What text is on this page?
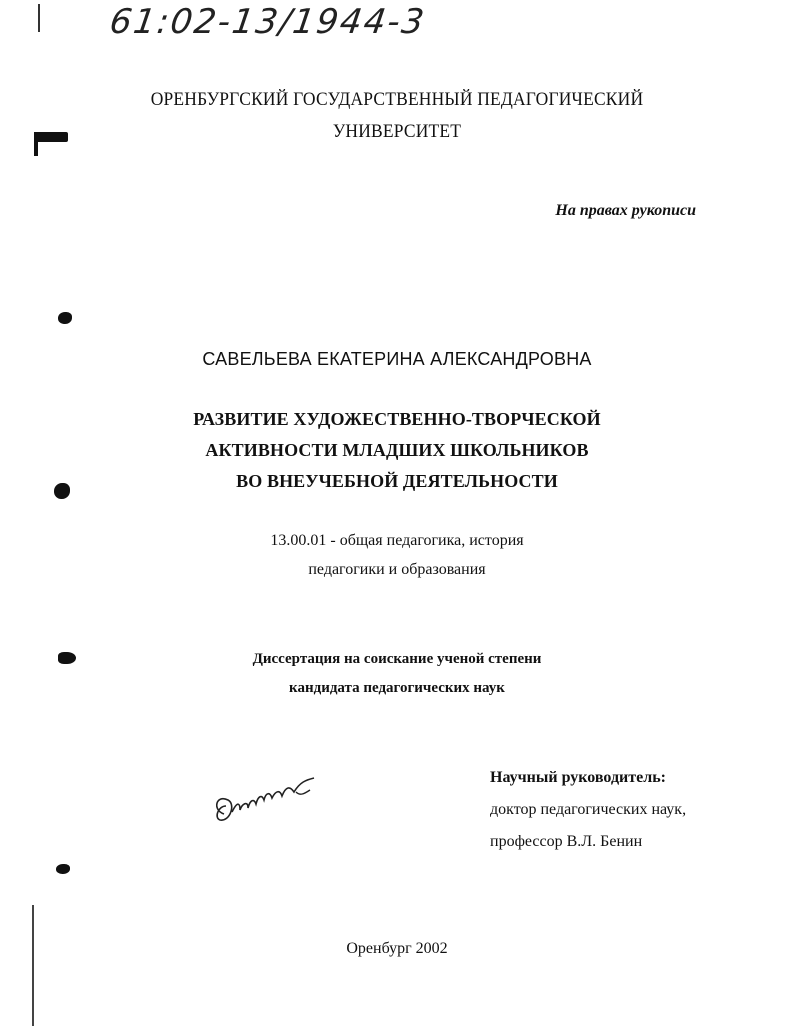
61:02-13/1944-3
ОРЕНБУРГСКИЙ ГОСУДАРСТВЕННЫЙ ПЕДАГОГИЧЕСКИЙ
УНИВЕРСИТЕТ
На правах рукописи
САВЕЛЬЕВА ЕКАТЕРИНА АЛЕКСАНДРОВНА
РАЗВИТИЕ ХУДОЖЕСТВЕННО-ТВОРЧЕСКОЙ
АКТИВНОСТИ МЛАДШИХ ШКОЛЬНИКОВ
ВО ВНЕУЧЕБНОЙ ДЕЯТЕЛЬНОСТИ
13.00.01 - общая педагогика, история
педагогики и образования
Диссертация на соискание ученой степени
кандидата педагогических наук
Научный руководитель:
доктор педагогических наук,
профессор В.Л. Бенин
Оренбург 2002
